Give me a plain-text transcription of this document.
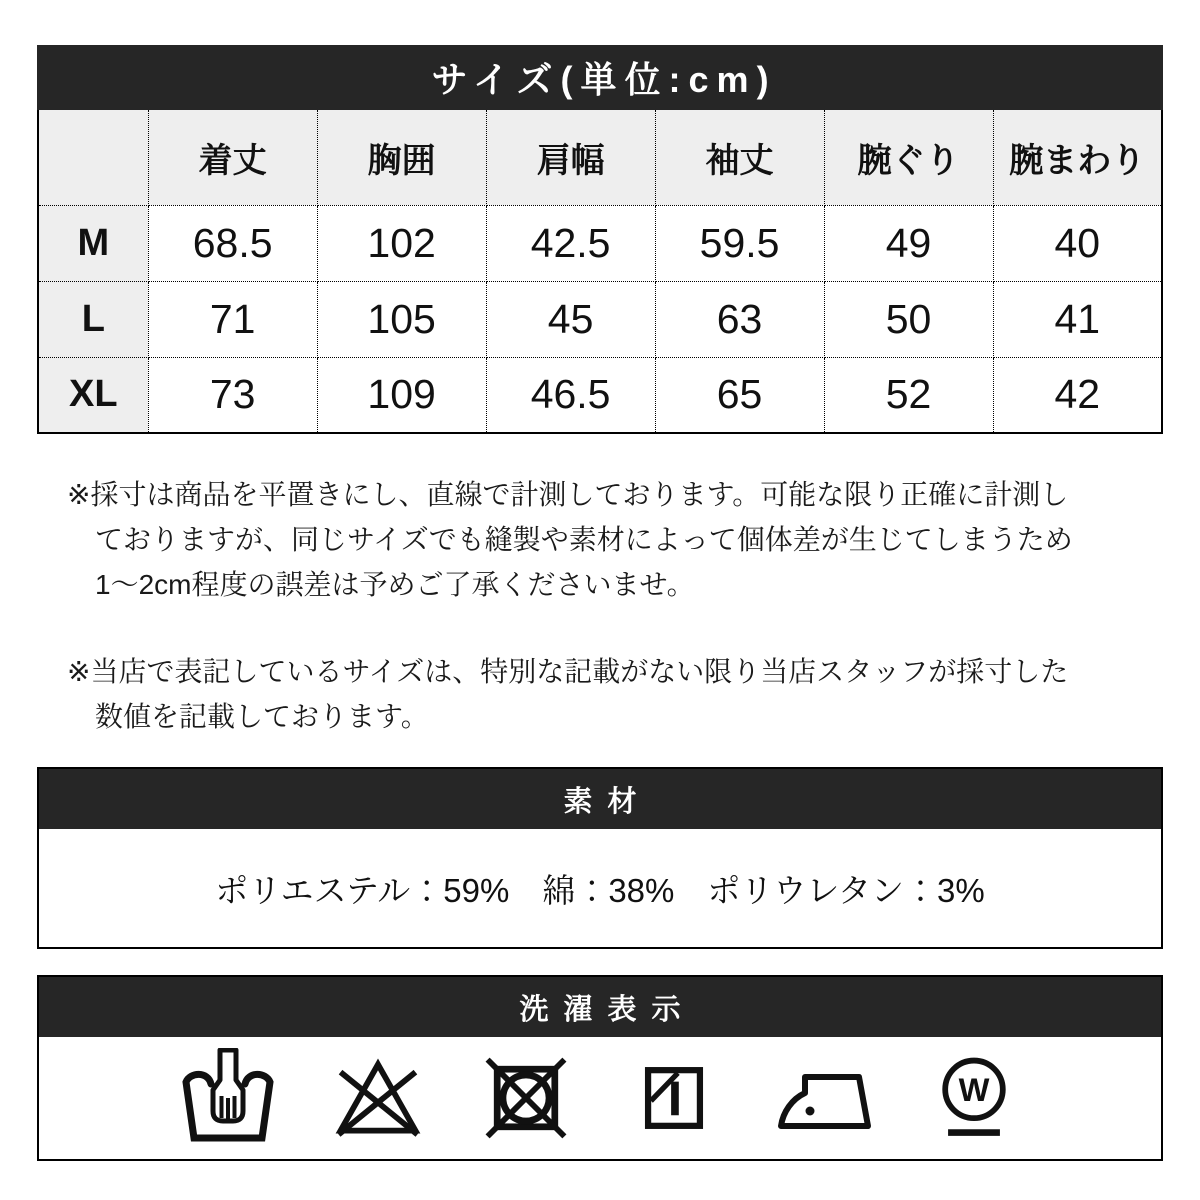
サイズ(単位:cm)						
	着丈	胸囲	肩幅	袖丈	腕ぐり	腕まわり
M	68.5	102	42.5	59.5	49	40
L	71	105	45	63	50	41
XL	73	109	46.5	65	52	42
※採寸は商品を平置きにし、直線で計測しております。可能な限り正確に計測し
ておりますが、同じサイズでも縫製や素材によって個体差が生じてしまうため
1〜2cm程度の誤差は予めご了承くださいませ。
※当店で表記しているサイズは、特別な記載がない限り当店スタッフが採寸した
数値を記載しております。
素材
ポリエステル：59%　綿：38%　ポリウレタン：3%
洗濯表示
W
